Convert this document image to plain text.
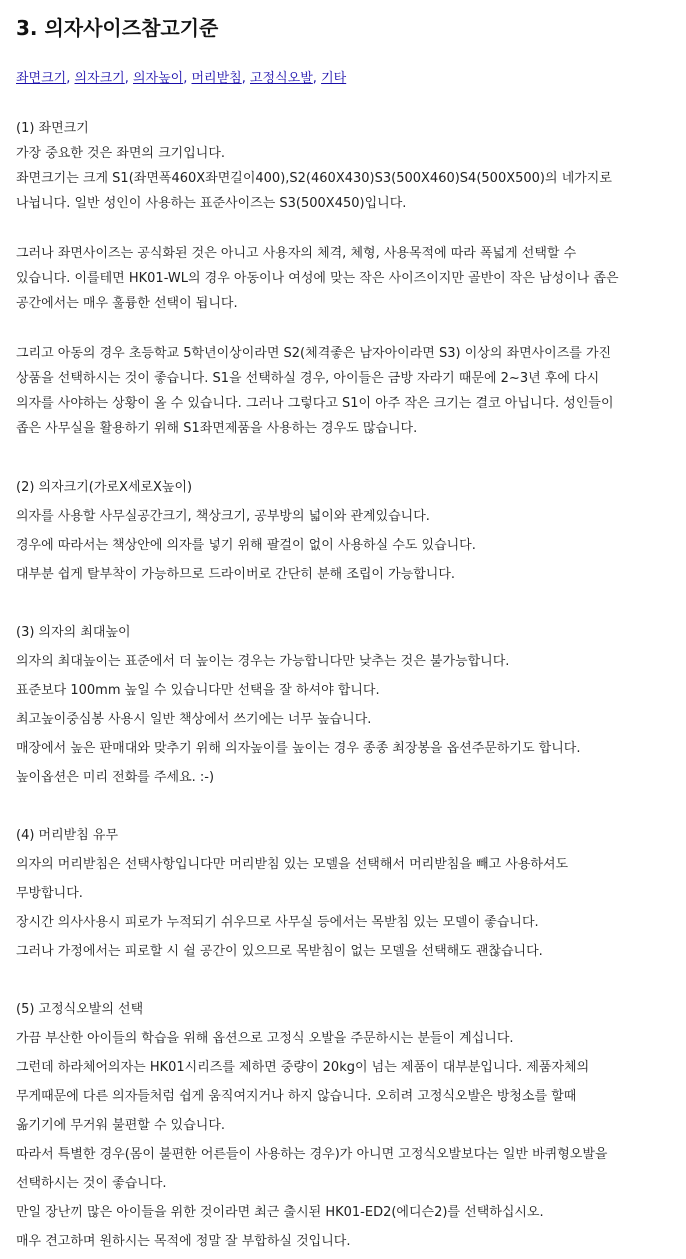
3. 의자사이즈참고기준
좌면크기, 의자크기, 의자높이, 머리받침, 고정식오발, 기타
(1) 좌면크기
가장 중요한 것은 좌면의 크기입니다.
좌면크기는 크게 S1(좌면폭460X좌면길이400),S2(460X430)S3(500X460)S4(500X500)의 네가지로
나뉩니다. 일반 성인이 사용하는 표준사이즈는 S3(500X450)입니다.
그러나 좌면사이즈는 공식화된 것은 아니고 사용자의 체격, 체형, 사용목적에 따라 폭넓게 선택할 수
있습니다. 이를테면 HK01-WL의 경우 아동이나 여성에 맞는 작은 사이즈이지만 골반이 작은 남성이나 좁은
공간에서는 매우 훌륭한 선택이 됩니다.
그리고 아동의 경우 초등학교 5학년이상이라면 S2(체격좋은 남자아이라면 S3) 이상의 좌면사이즈를 가진
상품을 선택하시는 것이 좋습니다. S1을 선택하실 경우, 아이들은 금방 자라기 때문에 2~3년 후에 다시
의자를 사야하는 상황이 올 수 있습니다. 그러나 그렇다고 S1이 아주 작은 크기는 결코 아닙니다. 성인들이
좁은 사무실을 활용하기 위해 S1좌면제품을 사용하는 경우도 많습니다.
(2) 의자크기(가로X세로X높이)
의자를 사용할 사무실공간크기, 책상크기, 공부방의 넓이와 관계있습니다.
경우에 따라서는 책상안에 의자를 넣기 위해 팔걸이 없이 사용하실 수도 있습니다.
대부분 쉽게 탈부착이 가능하므로 드라이버로 간단히 분해 조립이 가능합니다.
(3) 의자의 최대높이
의자의 최대높이는 표준에서 더 높이는 경우는 가능합니다만 낮추는 것은 불가능합니다.
표준보다 100mm 높일 수 있습니다만 선택을 잘 하셔야 합니다.
최고높이중심봉 사용시 일반 책상에서 쓰기에는 너무 높습니다.
매장에서 높은 판매대와 맞추기 위해 의자높이를 높이는 경우 종종 최장봉을 옵션주문하기도 합니다.
높이옵션은 미리 전화를 주세요. :-)
(4) 머리받침 유무
의자의 머리받침은 선택사항입니다만 머리받침 있는 모델을 선택해서 머리받침을 빼고 사용하셔도
무방합니다.
장시간 의사사용시 피로가 누적되기 쉬우므로 사무실 등에서는 목받침 있는 모델이 좋습니다.
그러나 가정에서는 피로할 시 쉴 공간이 있으므로 목받침이 없는 모델을 선택해도 괜찮습니다.
(5) 고정식오발의 선택
가끔 부산한 아이들의 학습을 위해 옵션으로 고정식 오발을 주문하시는 분들이 계십니다.
그런데 하라체어의자는 HK01시리즈를 제하면 중량이 20kg이 넘는 제품이 대부분입니다. 제품자체의
무게때문에 다른 의자들처럼 쉽게 움직여지거나 하지 않습니다. 오히려 고정식오발은 방청소를 할때
옮기기에 무거워 불편할 수 있습니다.
따라서 특별한 경우(몸이 불편한 어른들이 사용하는 경우)가 아니면 고정식오발보다는 일반 바퀴형오발을
선택하시는 것이 좋습니다.
만일 장난끼 많은 아이들을 위한 것이라면 최근 출시된 HK01-ED2(에디슨2)를 선택하십시오.
매우 견고하며 원하시는 목적에 정말 잘 부합하실 것입니다.
